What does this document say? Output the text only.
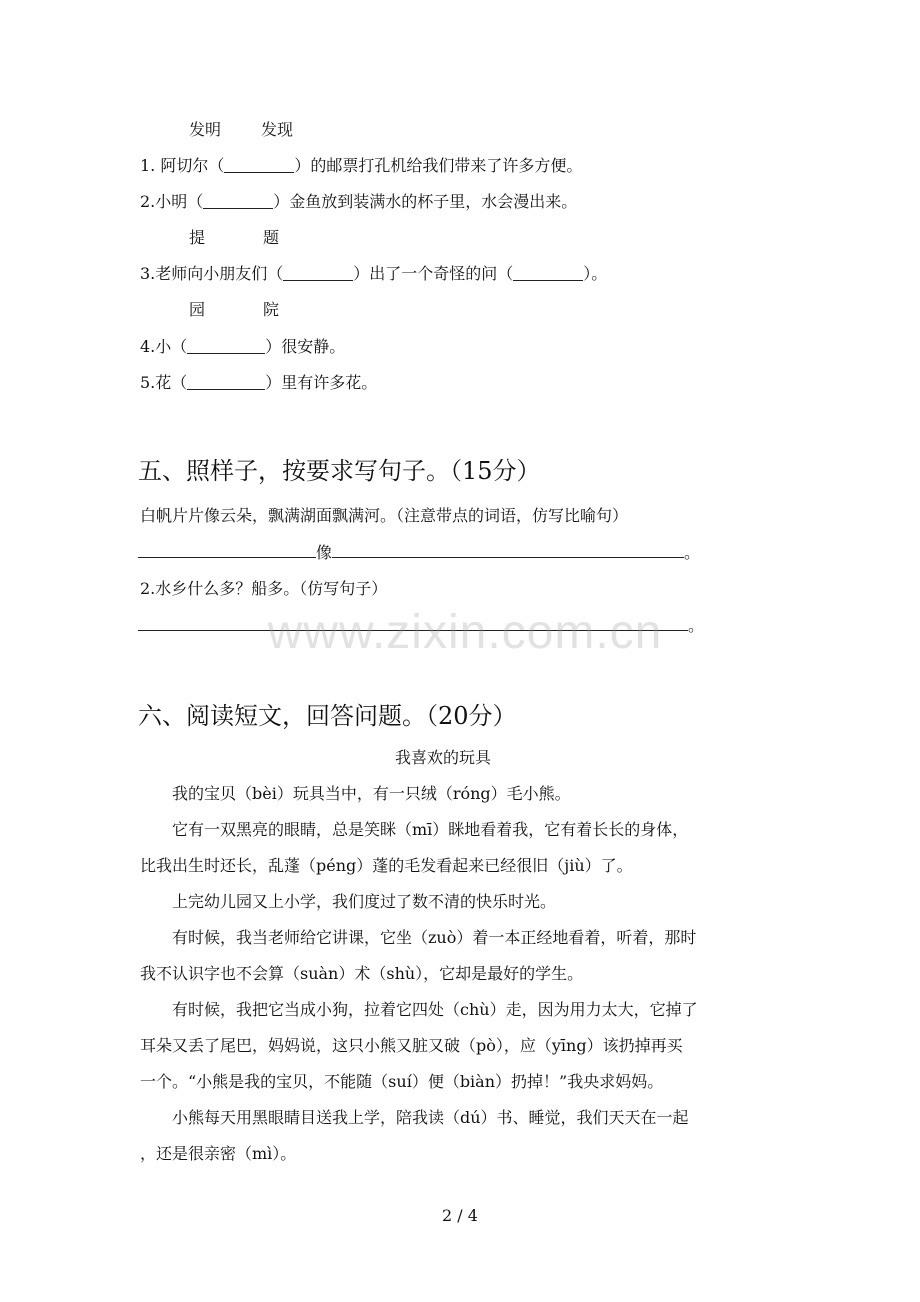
发明	发现
1. 阿切尔（	）的邮票打孔机给我们带来了许多方便。
2.小明（	）金鱼放到装满水的杯子里，水会漫出来。
提	题
3.老师向小朋友们（	）出了一个奇怪的问（	）。
园	院
4.小（	）很安静。
5.花（	）里有许多花。
五、照样子，按要求写句子。（15分）
白帆片片像云朵，飘满湖面飘满河。（注意带点的词语，仿写比喻句）
像	。
2.水乡什么多？船多。（仿写句子）
。
www.zixin.com.cn
六、阅读短文，回答问题。（20分）
我喜欢的玩具
我的宝贝（bèi）玩具当中，有一只绒（róng）毛小熊。
它有一双黑亮的眼睛，总是笑眯（mī）眯地看着我，它有着长长的身体，
比我出生时还长，乱蓬（péng）蓬的毛发看起来已经很旧（jiù）了。
上完幼儿园又上小学，我们度过了数不清的快乐时光。
有时候，我当老师给它讲课，它坐（zuò）着一本正经地看着，听着，那时
我不认识字也不会算（suàn）术（shù），它却是最好的学生。
有时候，我把它当成小狗，拉着它四处（chù）走，因为用力太大，它掉了
耳朵又丢了尾巴，妈妈说，这只小熊又脏又破（pò），应（yīng）该扔掉再买
一个。“小熊是我的宝贝，不能随（suí）便（biàn）扔掉！”我央求妈妈。
小熊每天用黑眼睛目送我上学，陪我读（dú）书、睡觉，我们天天在一起
，还是很亲密（mì）。
2 / 4
